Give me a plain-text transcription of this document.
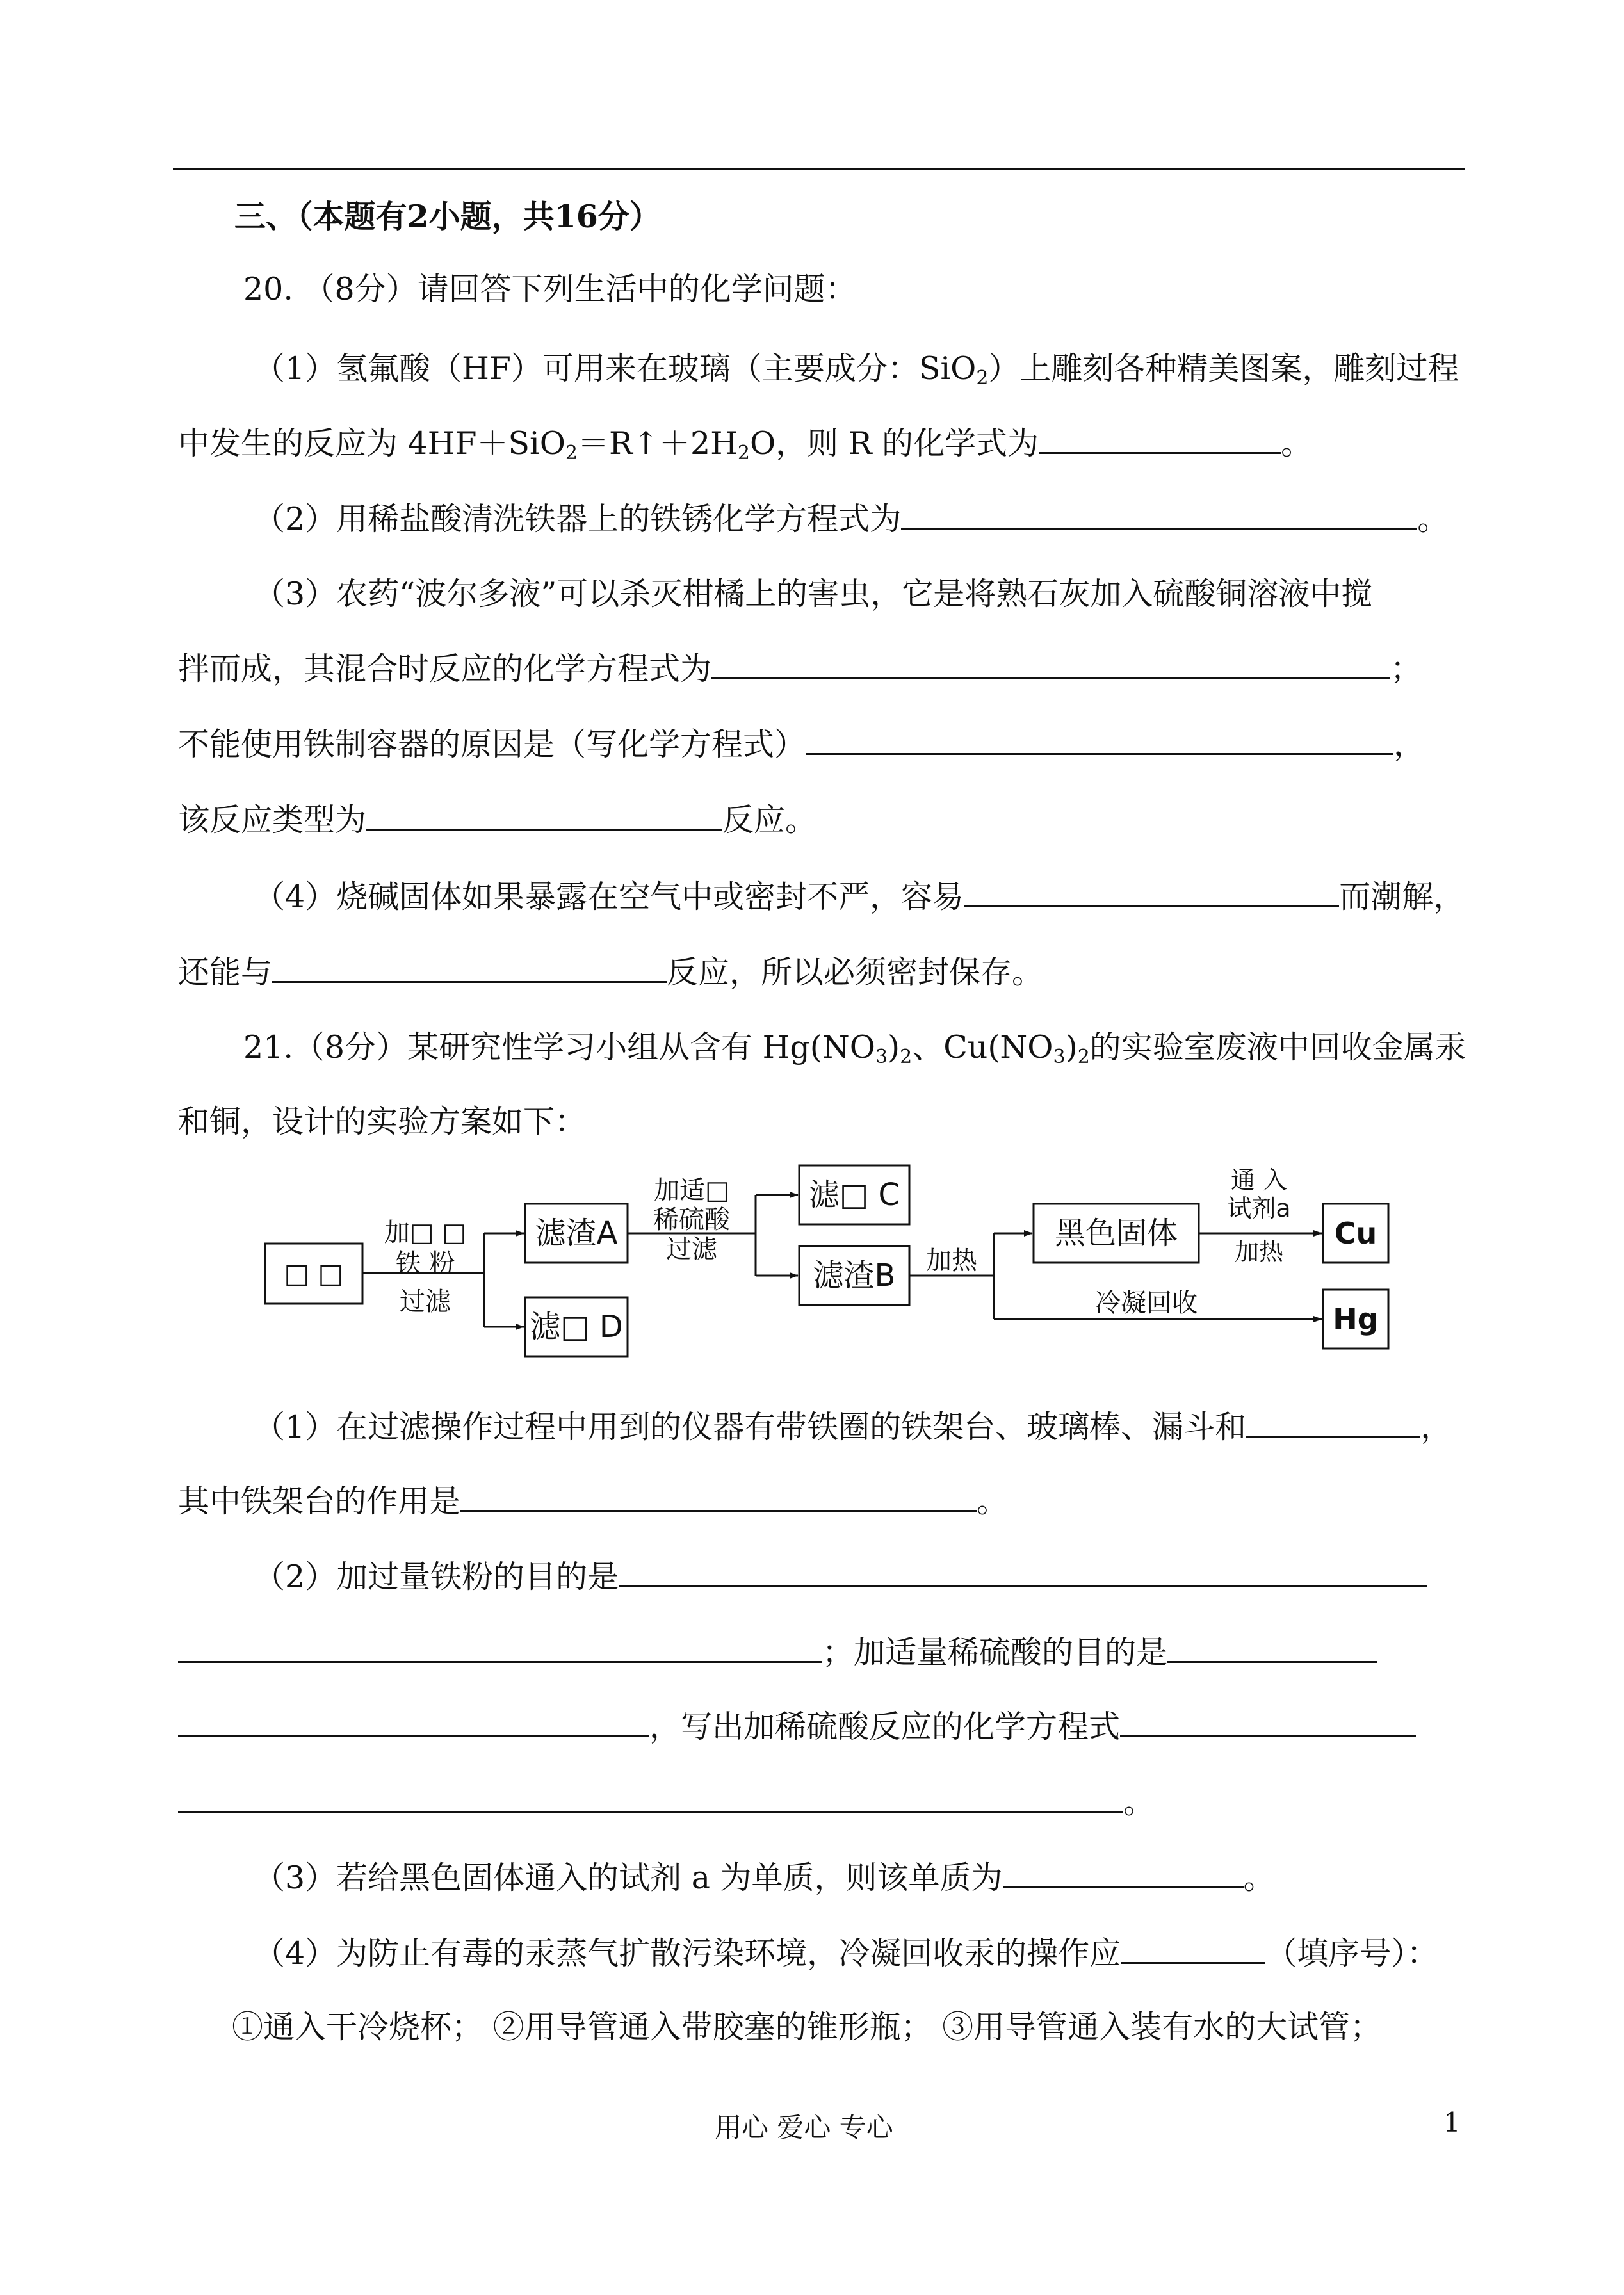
三、（本题有2小题，共16分）
20. （8分）请回答下列生活中的化学问题：
（1）氢氟酸（HF）可用来在玻璃（主要成分：SiO$_2$）上雕刻各种精美图案，雕刻过程
中发生的反应为 $4HF+SiO_2=R↑+2H_2O$，则 R 的化学式为	。
（2）用稀盐酸清洗铁器上的铁锈化学方程式为	。
（3）农药“波尔多液”可以杀灭柑橘上的害虫，它是将熟石灰加入硫酸铜溶液中搅
拌而成，其混合时反应的化学方程式为	；
不能使用铁制容器的原因是（写化学方程式）	，
该反应类型为	反应。
（4）烧碱固体如果暴露在空气中或密封不严，容易	而潮解，
还能与	反应，所以必须密封保存。
21.（8分）某研究性学习小组从含有 $Hg(NO_3)_2$、$Cu(NO_3)_2$的实验室废液中回收金属汞
和铜，设计的实验方案如下：
□ □
滤渣A
滤□ D
滤□ C
滤渣B
黑色固体	Cu
Hg
加□ □
铁 粉
过滤
加适□
稀硫酸
过滤	加热
通 入
试剂a
加热
冷凝回收
（1）在过滤操作过程中用到的仪器有带铁圈的铁架台、玻璃棒、漏斗和	，
其中铁架台的作用是	。
（2）加过量铁粉的目的是
；加适量稀硫酸的目的是
，写出加稀硫酸反应的化学方程式
。
（3）若给黑色固体通入的试剂 a 为单质，则该单质为	。
（4）为防止有毒的汞蒸气扩散污染环境，冷凝回收汞的操作应	（填序号）：
①通入干冷烧杯； ②用导管通入带胶塞的锥形瓶； ③用导管通入装有水的大试管；
用心 爱心 专心	1
